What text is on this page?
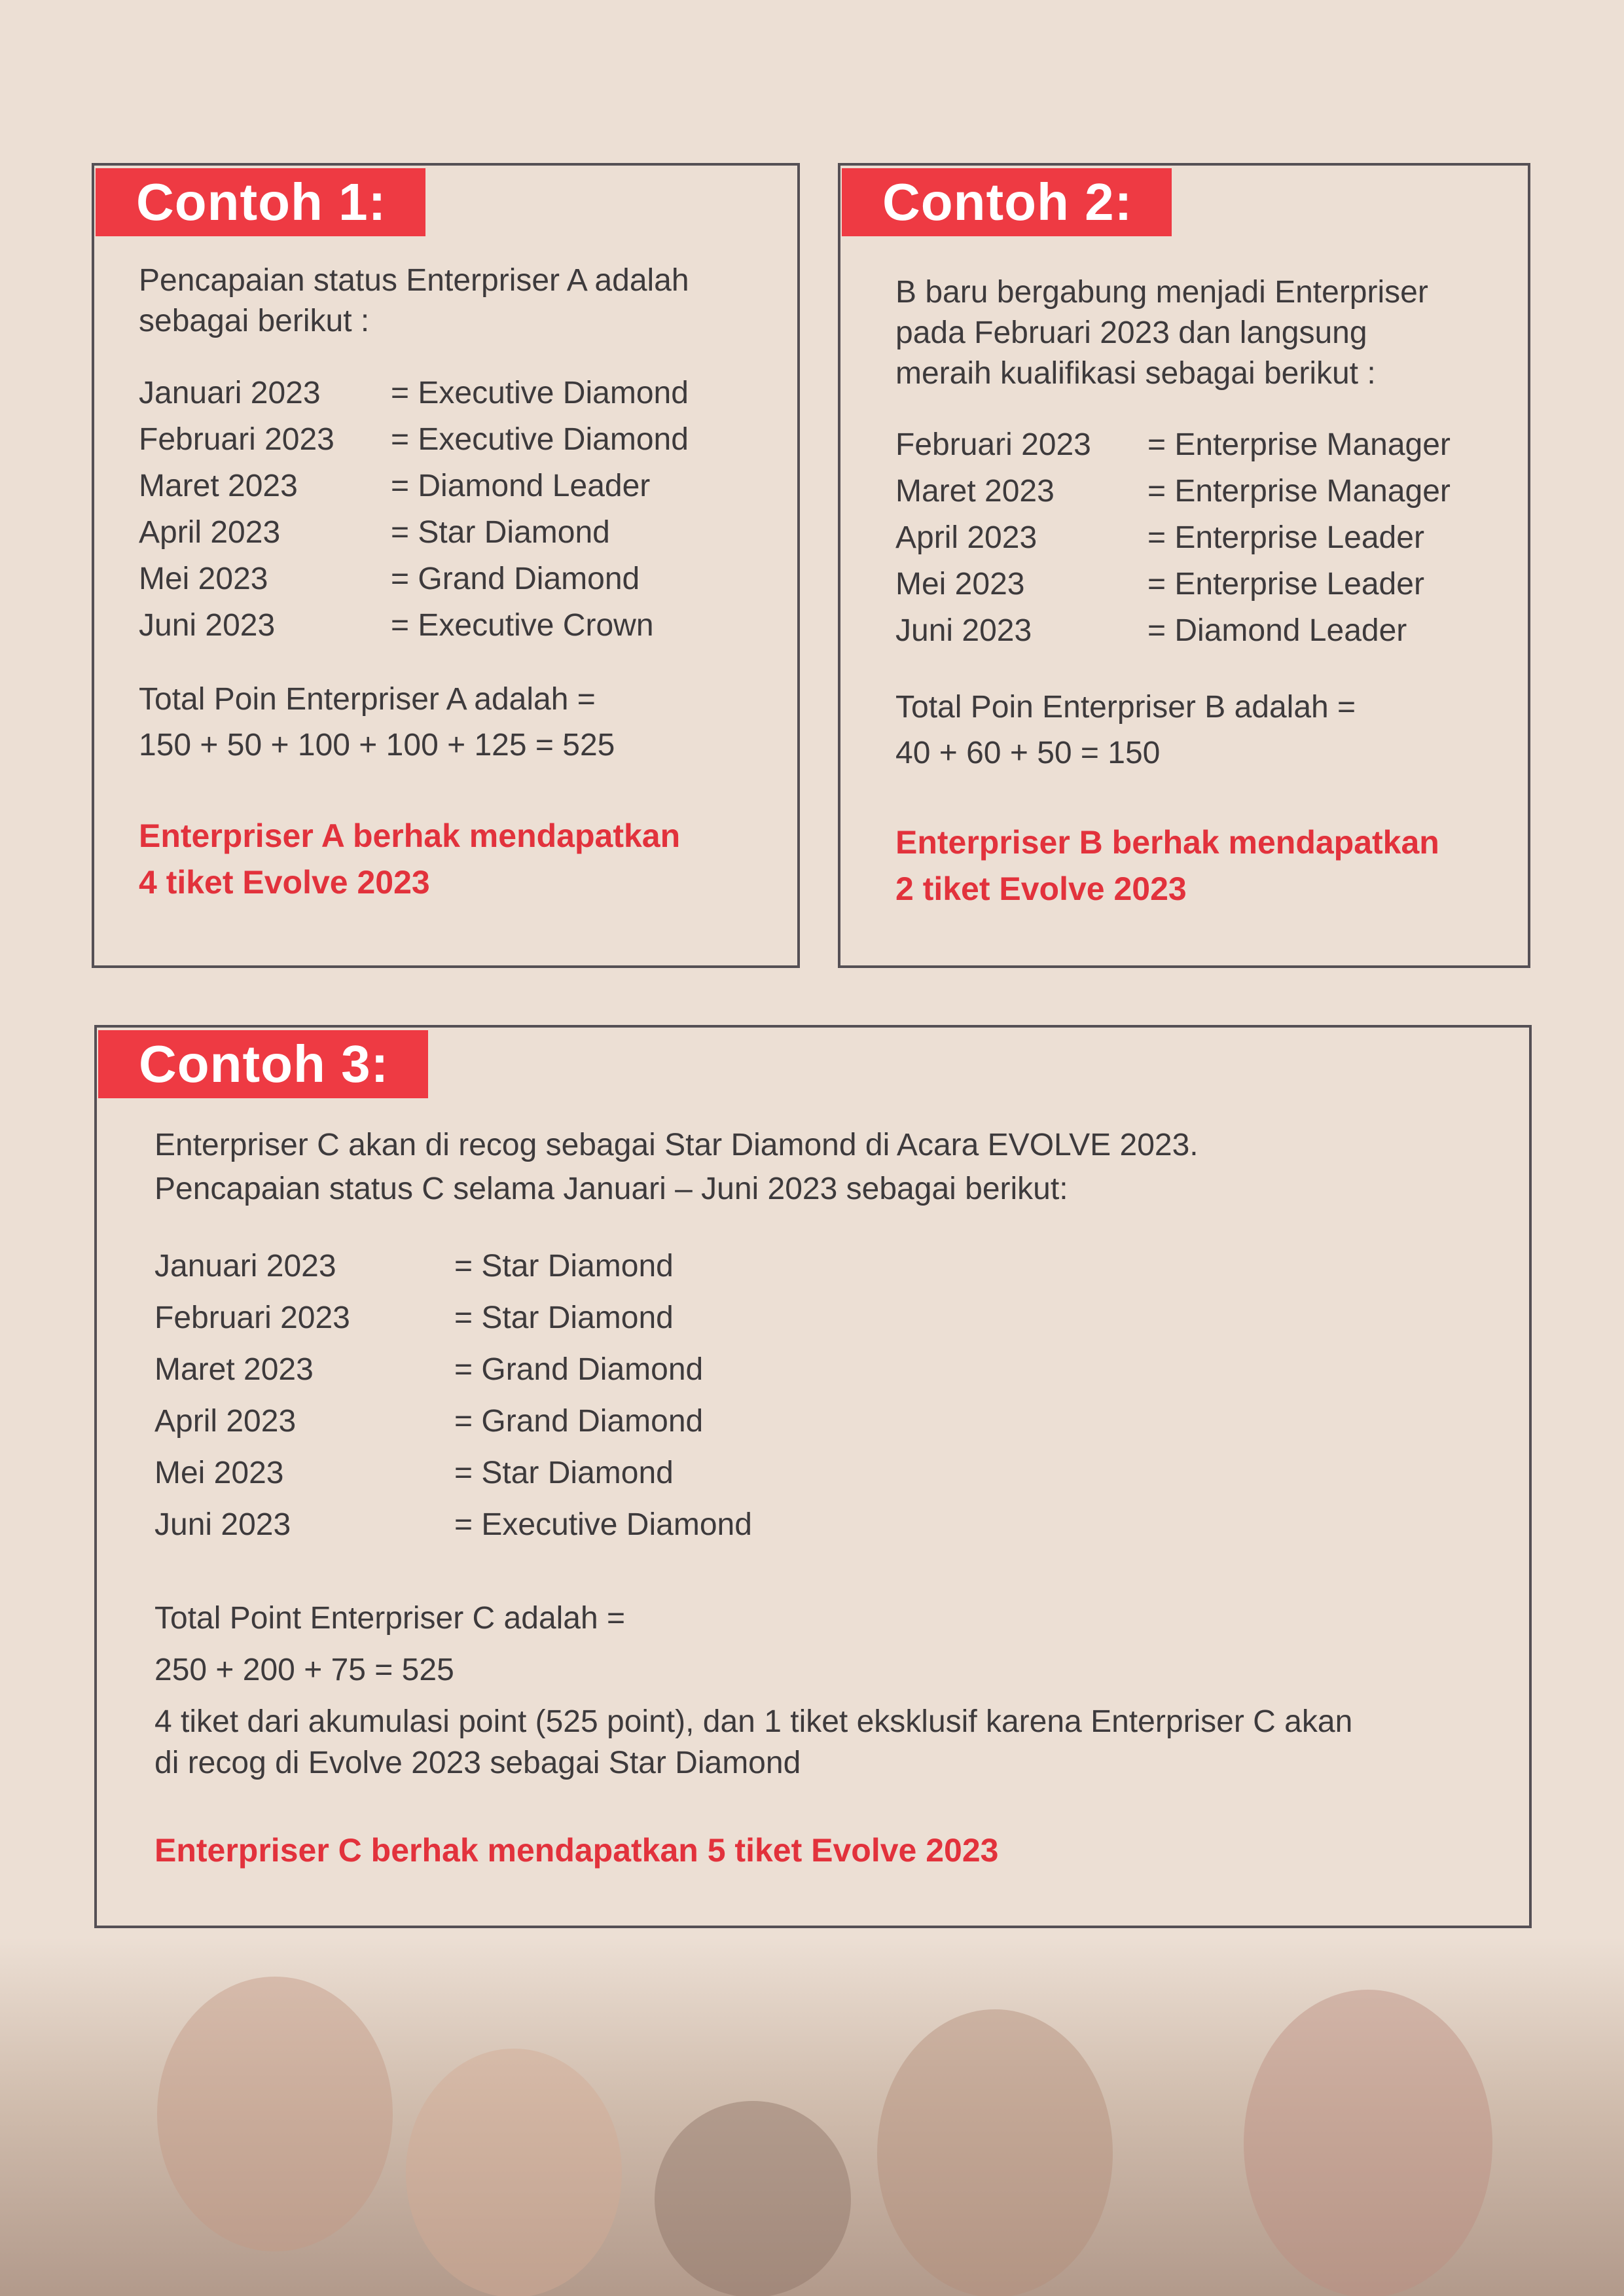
Contoh 1:
Pencapaian status Enterpriser A adalah
sebagai berikut :
Januari 2023	= Executive Diamond
Februari 2023	= Executive Diamond
Maret 2023	= Diamond Leader
April 2023	= Star Diamond
Mei 2023	= Grand Diamond
Juni 2023	= Executive Crown
Total Poin Enterpriser A adalah =
150 + 50 + 100 + 100 + 125 = 525
Enterpriser A berhak mendapatkan
4 tiket Evolve 2023
Contoh 2:
B baru bergabung menjadi Enterpriser
pada Februari 2023 dan langsung
meraih kualifikasi sebagai berikut :
Februari 2023	= Enterprise Manager
Maret 2023	= Enterprise Manager
April 2023	= Enterprise Leader
Mei 2023	= Enterprise Leader
Juni 2023	= Diamond Leader
Total Poin Enterpriser B adalah =
40 + 60 + 50 = 150
Enterpriser B berhak mendapatkan
2 tiket Evolve 2023
Contoh 3:
Enterpriser C akan di recog sebagai Star Diamond di Acara EVOLVE 2023.
Pencapaian status C selama Januari – Juni 2023 sebagai berikut:
Januari 2023	= Star Diamond
Februari 2023	= Star Diamond
Maret 2023	= Grand Diamond
April 2023	= Grand Diamond
Mei 2023	= Star Diamond
Juni 2023	= Executive Diamond
Total Point Enterpriser C adalah =
250 + 200 + 75 = 525
4 tiket dari akumulasi point (525 point), dan 1 tiket eksklusif karena Enterpriser C akan
di recog di Evolve 2023 sebagai Star Diamond
Enterpriser C berhak mendapatkan 5 tiket Evolve 2023
